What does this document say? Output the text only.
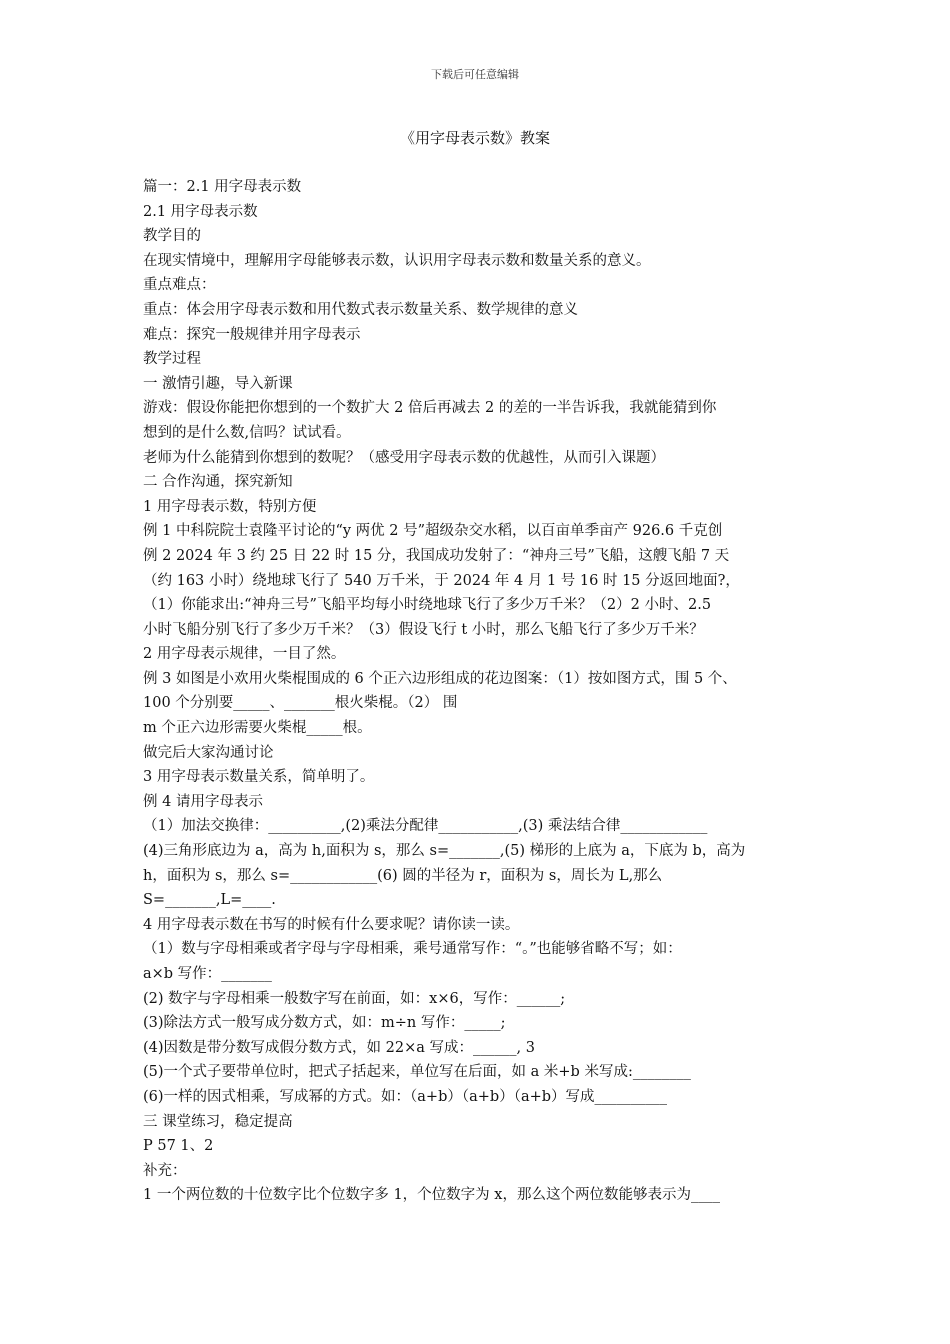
下载后可任意编辑
《用字母表示数》教案
篇一：2.1 用字母表示数
2.1 用字母表示数
教学目的
在现实情境中，理解用字母能够表示数，认识用字母表示数和数量关系的意义。
重点难点：
重点：体会用字母表示数和用代数式表示数量关系、数学规律的意义
难点：探究一般规律并用字母表示
教学过程
一 激情引趣，导入新课
游戏：假设你能把你想到的一个数扩大 2 倍后再减去 2 的差的一半告诉我，我就能猜到你
想到的是什么数,信吗？试试看。
老师为什么能猜到你想到的数呢？（感受用字母表示数的优越性，从而引入课题）
二 合作沟通，探究新知
1 用字母表示数，特别方便
例 1 中科院院士袁隆平讨论的“y 两优 2 号”超级杂交水稻，以百亩单季亩产 926.6 千克创
例 2 2024 年 3 约 25 日 22 时 15 分，我国成功发射了：“神舟三号”飞船，这艘飞船 7 天
（约 163 小时）绕地球飞行了 540 万千米，于 2024 年 4 月 1 号 16 时 15 分返回地面?，
（1）你能求出:“神舟三号”飞船平均每小时绕地球飞行了多少万千米？（2）2 小时、2.5
小时飞船分别飞行了多少万千米？（3）假设飞行 t 小时，那么飞船飞行了多少万千米？
2 用字母表示规律，一目了然。
例 3 如图是小欢用火柴棍围成的 6 个正六边形组成的花边图案：（1）按如图方式，围 5 个、
100 个分别要_____、_______根火柴棍。（2） 围
m 个正六边形需要火柴棍_____根。
做完后大家沟通讨论
3 用字母表示数量关系，简单明了。
例 4 请用字母表示
（1）加法交换律：__________,(2)乘法分配律___________,(3) 乘法结合律____________
(4)三角形底边为 a，高为 h,面积为 s，那么 s=_______,(5) 梯形的上底为 a，下底为 b，高为
h，面积为 s，那么 s=____________(6) 圆的半径为 r，面积为 s，周长为 L,那么
S=_______,L=____.
4 用字母表示数在书写的时候有什么要求呢？请你读一读。
（1）数与字母相乘或者字母与字母相乘，乘号通常写作：“。”也能够省略不写；如：
a×b 写作：_______
(2) 数字与字母相乘一般数字写在前面，如：x×6，写作：______;
(3)除法方式一般写成分数方式，如：m÷n 写作：_____;
(4)因数是带分数写成假分数方式，如 22×a 写成：______, 3
(5)一个式子要带单位时，把式子括起来，单位写在后面，如 a 米+b 米写成:________
(6)一样的因式相乘，写成幂的方式。如：（a+b）（a+b）（a+b）写成__________
三 课堂练习，稳定提高
P 57 1、2
补充：
1 一个两位数的十位数字比个位数字多 1，个位数字为 x，那么这个两位数能够表示为____
